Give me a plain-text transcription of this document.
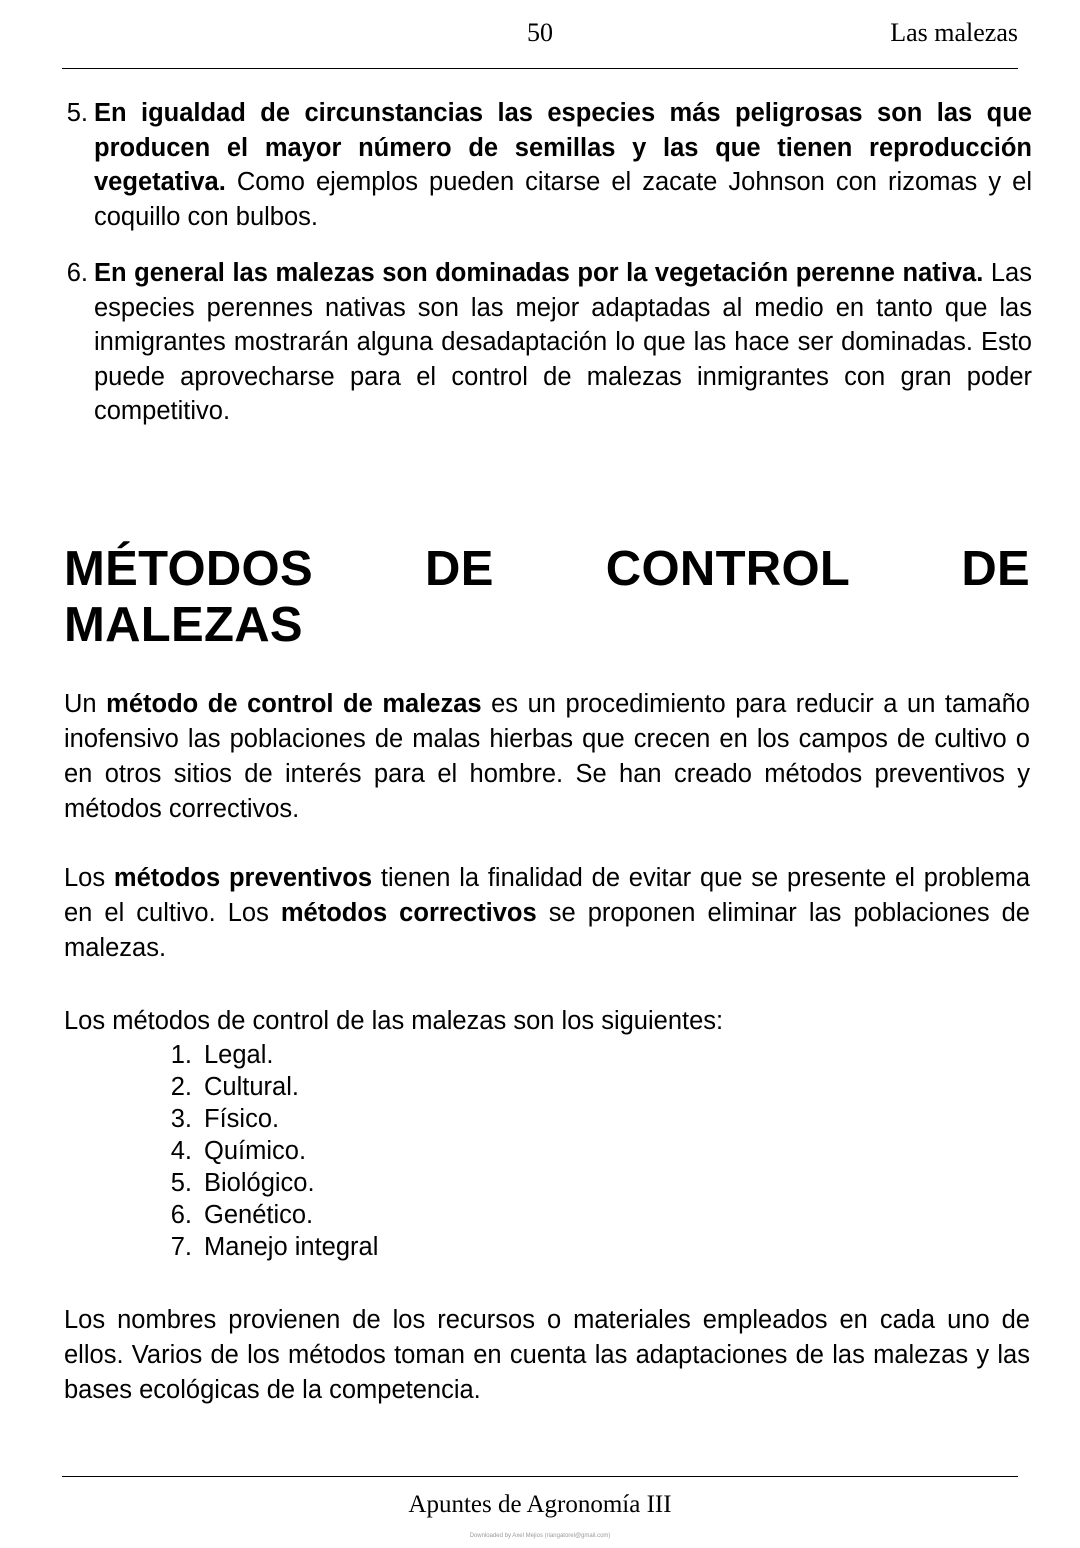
50	Las malezas
5. En igualdad de circunstancias las especies más peligrosas son las que producen el mayor número de semillas y las que tienen reproducción vegetativa. Como ejemplos pueden citarse el zacate Johnson con rizomas y el coquillo con bulbos.
6. En general las malezas son dominadas por la vegetación perenne nativa. Las especies perennes nativas son las mejor adaptadas al medio en tanto que las inmigrantes mostrarán alguna desadaptación lo que las hace ser dominadas. Esto puede aprovecharse para el control de malezas inmigrantes con gran poder competitivo.
MÉTODOS DE CONTROL DE
MALEZAS
Un método de control de malezas es un procedimiento para reducir a un tamaño inofensivo las poblaciones de malas hierbas que crecen en los campos de cultivo o en otros sitios de interés para el hombre. Se han creado métodos preventivos y métodos correctivos.
Los métodos preventivos tienen la finalidad de evitar que se presente el problema en el cultivo. Los métodos correctivos se proponen eliminar las poblaciones de malezas.
Los métodos de control de las malezas son los siguientes:
1. Legal.
2. Cultural.
3. Físico.
4. Químico.
5. Biológico.
6. Genético.
7. Manejo integral
Los nombres provienen de los recursos o materiales empleados en cada uno de ellos. Varios de los métodos toman en cuenta las adaptaciones de las malezas y las bases ecológicas de la competencia.
Apuntes de Agronomía III
Downloaded by Axel Mejios (riangatorel@gmail.com)
